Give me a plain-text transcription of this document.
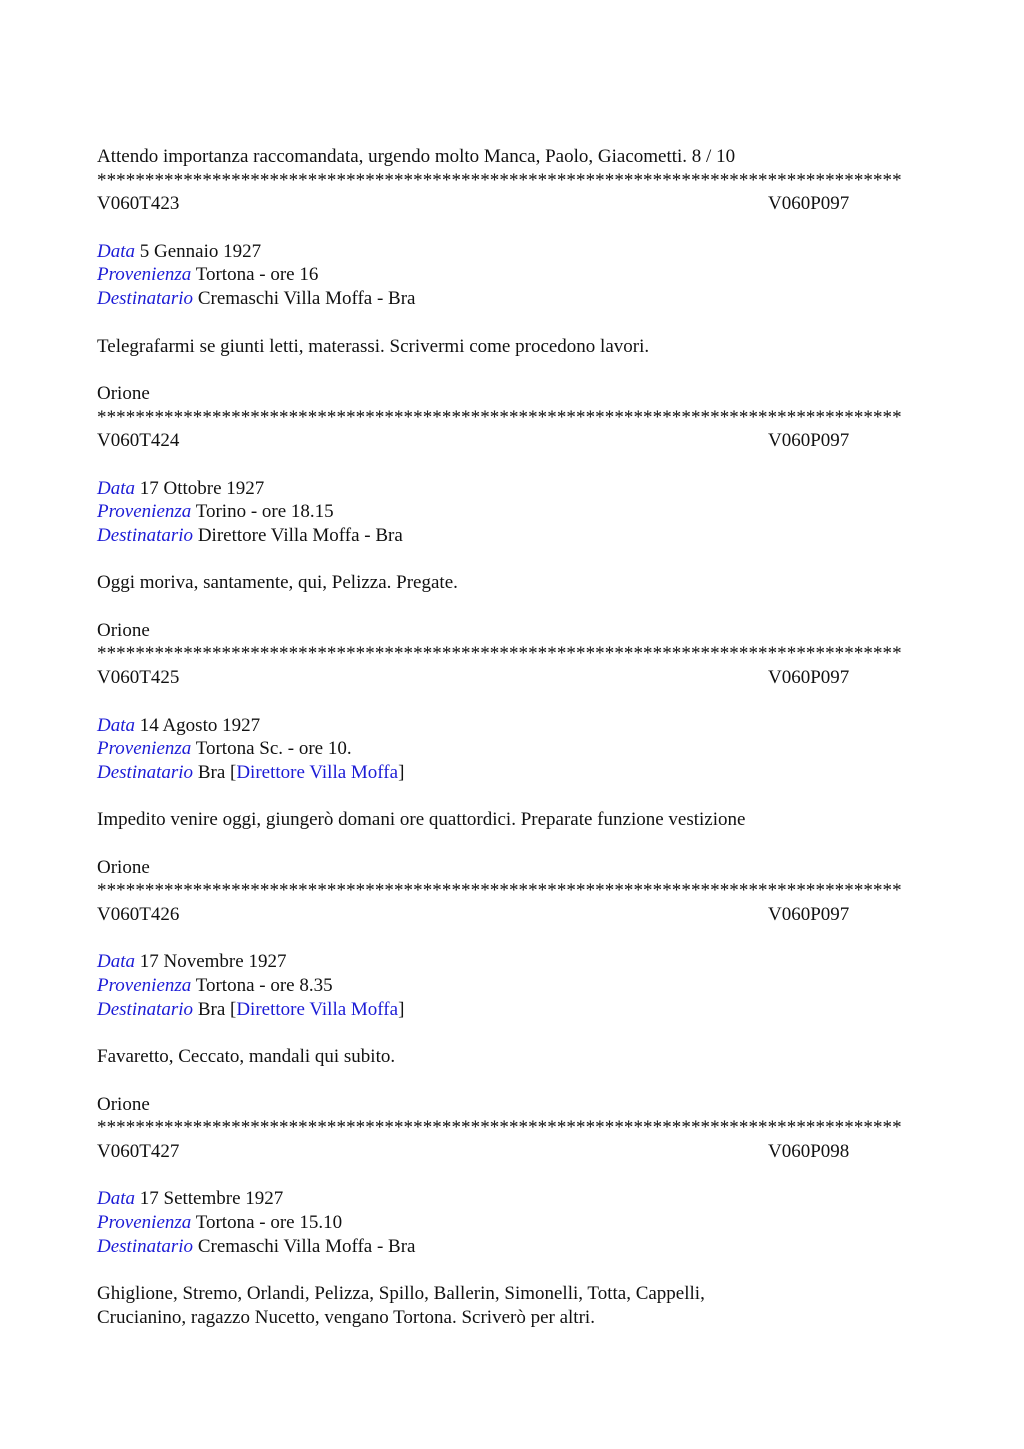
Attendo importanza raccomandata, urgendo molto Manca, Paolo, Giacometti. 8 / 10
************************************************************************************
V060T423	V060P097
Data 5 Gennaio 1927
Provenienza Tortona - ore 16
Destinatario Cremaschi Villa Moffa - Bra
Telegrafarmi se giunti letti, materassi. Scrivermi come procedono lavori.
Orione
************************************************************************************
V060T424	V060P097
Data 17 Ottobre 1927
Provenienza Torino - ore 18.15
Destinatario Direttore Villa Moffa - Bra
Oggi moriva, santamente, qui, Pelizza. Pregate.
Orione
************************************************************************************
V060T425	V060P097
Data 14 Agosto 1927
Provenienza Tortona Sc. - ore 10.
Destinatario Bra [Direttore Villa Moffa]
Impedito venire oggi, giungerò domani ore quattordici. Preparate funzione vestizione
Orione
************************************************************************************
V060T426	V060P097
Data 17 Novembre 1927
Provenienza Tortona - ore 8.35
Destinatario Bra [Direttore Villa Moffa]
Favaretto, Ceccato, mandali qui subito.
Orione
************************************************************************************
V060T427	V060P098
Data 17 Settembre 1927
Provenienza Tortona - ore 15.10
Destinatario Cremaschi Villa Moffa - Bra
Ghiglione, Stremo, Orlandi, Pelizza, Spillo, Ballerin, Simonelli, Totta, Cappelli,
Crucianino, ragazzo Nucetto, vengano Tortona. Scriverò per altri.
